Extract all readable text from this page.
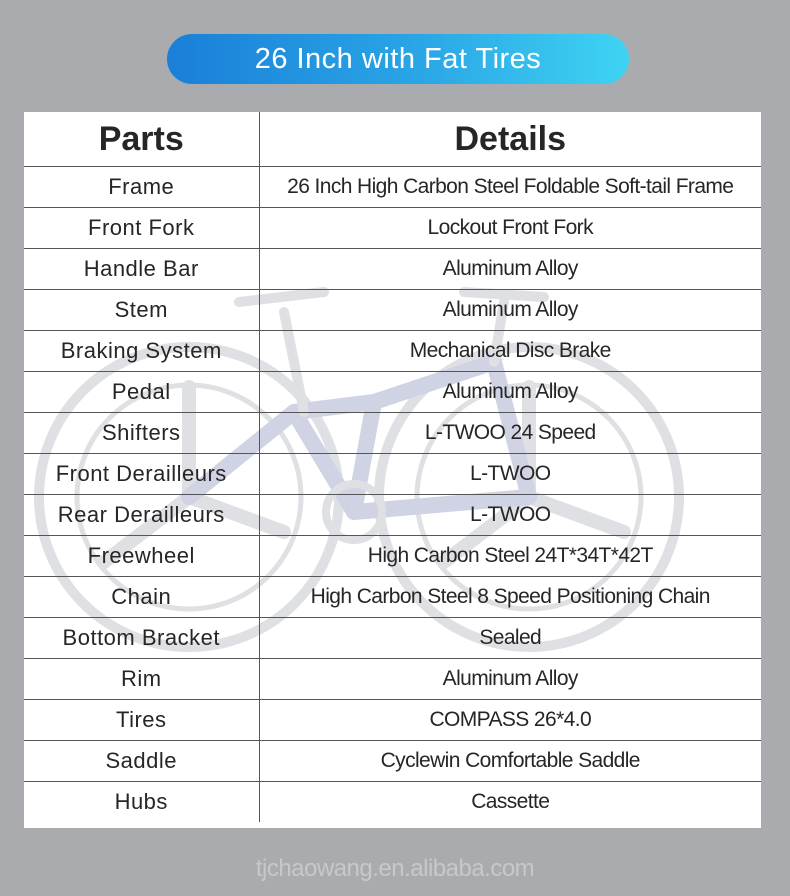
26 Inch with Fat Tires
Parts	Details
Frame	26 Inch High Carbon Steel Foldable Soft-tail Frame
Front Fork	Lockout Front Fork
Handle Bar	Aluminum Alloy
Stem	Aluminum Alloy
Braking System	Mechanical Disc Brake
Pedal	Aluminum Alloy
Shifters	L-TWOO 24 Speed
Front Derailleurs	L-TWOO
Rear Derailleurs	L-TWOO
Freewheel	High Carbon Steel 24T*34T*42T
Chain	High Carbon Steel 8 Speed Positioning Chain
Bottom Bracket	Sealed
Rim	Aluminum Alloy
Tires	COMPASS 26*4.0
Saddle	Cyclewin Comfortable Saddle
Hubs	Cassette
tjchaowang.en.alibaba.com
